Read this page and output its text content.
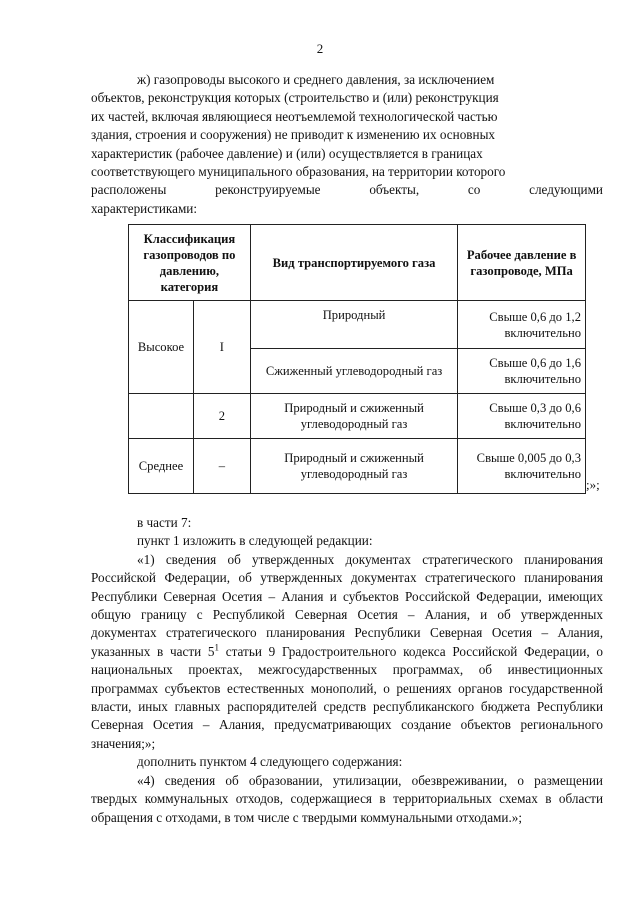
2

ж) газопроводы высокого и среднего давления, за исключением

объектов, реконструкция которых (строительство и (или) реконструкция

их частей, включая являющиеся неотъемлемой технологической частью

здания, строения и сооружения) не приводит к изменению их основных

характеристик (рабочее давление) и (или) осуществляется в границах

соответствующего муниципального образования, на территории которого

расположены реконструируемые объекты, со следующими

характеристиками:

Классификация газопроводов по давлению, категория		Вид транспортируемого газа	Рабочее давление в газопроводе, МПа
Высокое	I	Природный	Свыше 0,6 до 1,2 включительно
		Сжиженный углеводородный газ	Свыше 0,6 до 1,6 включительно
	2	Природный и сжиженный углеводородный газ	Свыше 0,3 до 0,6 включительно
Среднее	–	Природный и сжиженный углеводородный газ	Свыше 0,005 до 0,3 включительно
;»;

в части 7:

пункт 1 изложить в следующей редакции:

«1) сведения об утвержденных документах стратегического планирования Российской Федерации, об утвержденных документах стратегического планирования Республики Северная Осетия – Алания и субъектов Российской Федерации, имеющих общую границу с Республикой Северная Осетия – Алания, и об утвержденных документах стратегического планирования Республики Северная Осетия – Алания, указанных в части $5^1$ статьи 9 Градостроительного кодекса Российской Федерации, о национальных проектах, межгосударственных программах, об инвестиционных программах субъектов естественных монополий, о решениях органов государственной власти, иных главных распорядителей средств республиканского бюджета Республики Северная Осетия – Алания, предусматривающих создание объектов регионального значения;»;

дополнить пунктом 4 следующего содержания:

«4) сведения об образовании, утилизации, обезвреживании, о размещении твердых коммунальных отходов, содержащиеся в территориальных схемах в области обращения с отходами, в том числе с твердыми коммунальными отходами.»;
